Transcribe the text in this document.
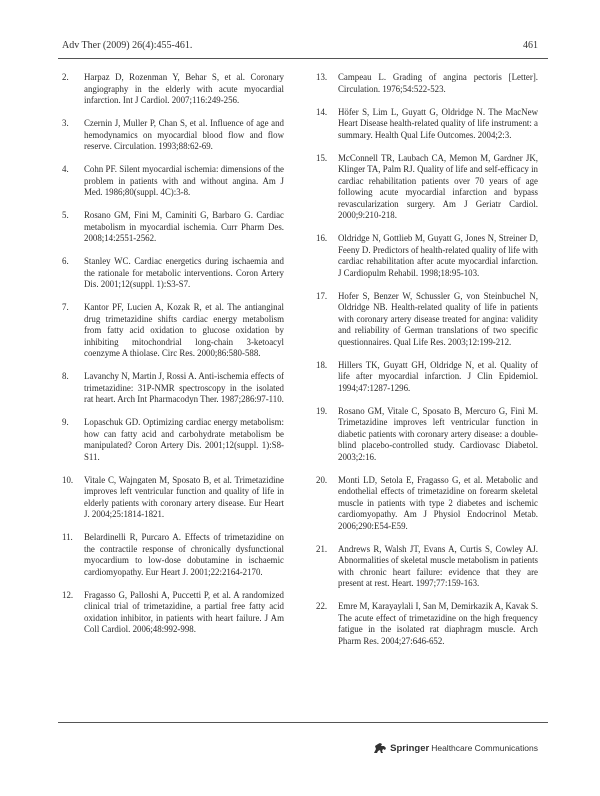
Adv Ther (2009) 26(4):455-461.	461
2. Harpaz D, Rozenman Y, Behar S, et al. Coronary angiography in the elderly with acute myocardial infarction. Int J Cardiol. 2007;116:249-256.
3. Czernin J, Muller P, Chan S, et al. Influence of age and hemodynamics on myocardial blood flow and flow reserve. Circulation. 1993;88:62-69.
4. Cohn PF. Silent myocardial ischemia: dimensions of the problem in patients with and without angina. Am J Med. 1986;80(suppl. 4C):3-8.
5. Rosano GM, Fini M, Caminiti G, Barbaro G. Cardiac metabolism in myocardial ischemia. Curr Pharm Des. 2008;14:2551-2562.
6. Stanley WC. Cardiac energetics during ischaemia and the rationale for metabolic interventions. Coron Artery Dis. 2001;12(suppl. 1):S3-S7.
7. Kantor PF, Lucien A, Kozak R, et al. The antianginal drug trimetazidine shifts cardiac energy metabolism from fatty acid oxidation to glucose oxidation by inhibiting mitochondrial long-chain 3-ketoacyl coenzyme A thiolase. Circ Res. 2000;86:580-588.
8. Lavanchy N, Martin J, Rossi A. Anti-ischemia effects of trimetazidine: 31P-NMR spectroscopy in the isolated rat heart. Arch Int Pharmacodyn Ther. 1987;286:97-110.
9. Lopaschuk GD. Optimizing cardiac energy metabolism: how can fatty acid and carbohydrate metabolism be manipulated? Coron Artery Dis. 2001;12(suppl. 1):S8-S11.
10. Vitale C, Wajngaten M, Sposato B, et al. Trimetazidine improves left ventricular function and quality of life in elderly patients with coronary artery disease. Eur Heart J. 2004;25:1814-1821.
11. Belardinelli R, Purcaro A. Effects of trimetazidine on the contractile response of chronically dysfunctional myocardium to low-dose dobutamine in ischaemic cardiomyopathy. Eur Heart J. 2001;22:2164-2170.
12. Fragasso G, Palloshi A, Puccetti P, et al. A randomized clinical trial of trimetazidine, a partial free fatty acid oxidation inhibitor, in patients with heart failure. J Am Coll Cardiol. 2006;48:992-998.
13. Campeau L. Grading of angina pectoris [Letter]. Circulation. 1976;54:522-523.
14. Höfer S, Lim L, Guyatt G, Oldridge N. The MacNew Heart Disease health-related quality of life instrument: a summary. Health Qual Life Outcomes. 2004;2:3.
15. McConnell TR, Laubach CA, Memon M, Gardner JK, Klinger TA, Palm RJ. Quality of life and self-efficacy in cardiac rehabilitation patients over 70 years of age following acute myocardial infarction and bypass revascularization surgery. Am J Geriatr Cardiol. 2000;9:210-218.
16. Oldridge N, Gottlieb M, Guyatt G, Jones N, Streiner D, Feeny D. Predictors of health-related quality of life with cardiac rehabilitation after acute myocardial infarction. J Cardiopulm Rehabil. 1998;18:95-103.
17. Hofer S, Benzer W, Schussler G, von Steinbuchel N, Oldridge NB. Health-related quality of life in patients with coronary artery disease treated for angina: validity and reliability of German translations of two specific questionnaires. Qual Life Res. 2003;12:199-212.
18. Hillers TK, Guyatt GH, Oldridge N, et al. Quality of life after myocardial infarction. J Clin Epidemiol. 1994;47:1287-1296.
19. Rosano GM, Vitale C, Sposato B, Mercuro G, Finì M. Trimetazidine improves left ventricular function in diabetic patients with coronary artery disease: a double-blind placebo-controlled study. Cardiovasc Diabetol. 2003;2:16.
20. Monti LD, Setola E, Fragasso G, et al. Metabolic and endothelial effects of trimetazidine on forearm skeletal muscle in patients with type 2 diabetes and ischemic cardiomyopathy. Am J Physiol Endocrinol Metab. 2006;290:E54-E59.
21. Andrews R, Walsh JT, Evans A, Curtis S, Cowley AJ. Abnormalities of skeletal muscle metabolism in patients with chronic heart failure: evidence that they are present at rest. Heart. 1997;77:159-163.
22. Emre M, Karayaylali I, San M, Demirkazik A, Kavak S. The acute effect of trimetazidine on the high frequency fatigue in the isolated rat diaphragm muscle. Arch Pharm Res. 2004;27:646-652.
Springer Healthcare Communications
